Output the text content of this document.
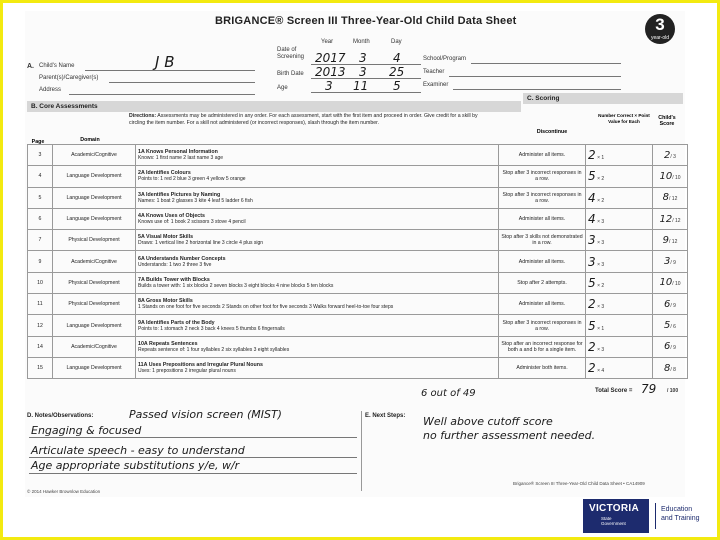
BRIGANCE® Screen III Three-Year-Old Child Data Sheet	3
year-old
A. Child's Name	J B
Parent(s)/Caregiver(s)
Address
Year	Month	Day
Date of Screening 2017 3 4
Birth Date 2013 3 25
Age	3 11 5
School/Program
Teacher
Examiner
B. Core Assessments
C. Scoring
Page	Domain
Directions: Assessments may be administered in any order. For each assessment, start with the first item and proceed in order. Give credit for a skill by circling the item number. For a skill not administered (or incorrect responses), slash through the item number.
Discontinue
Number Correct × Point Value for Each
Child's Score
3	Academic/Cognitive	1A Knows Personal Information
Knows: 1 first name 2 last name 3 age	Administer all items.	2 × 1	2/ 3
4	Language Development	2A Identifies Colours
Points to: 1 red 2 blue 3 green 4 yellow 5 orange	Stop after 3 incorrect responses in a row.	5 × 2	10/ 10
5	Language Development	3A Identifies Pictures by Naming
Names: 1 boat 2 glasses 3 kite 4 leaf 5 ladder 6 fish	Stop after 3 incorrect responses in a row.	4 × 2	8/ 12
6	Language Development	4A Knows Uses of Objects
Knows use of: 1 book 2 scissors 3 stove 4 pencil	Administer all items.	4 × 3	12/ 12
7	Physical Development	5A Visual Motor Skills
Draws: 1 vertical line 2 horizontal line 3 circle 4 plus sign	Stop after 3 skills not demonstrated in a row.	3 × 3	9/ 12
9	Academic/Cognitive	6A Understands Number Concepts
Understands: 1 two 2 three 3 five	Administer all items.	3 × 3	3/ 9
10	Physical Development	7A Builds Tower with Blocks
Builds a tower with: 1 six blocks 2 seven blocks 3 eight blocks 4 nine blocks 5 ten blocks	Stop after 2 attempts.	5 × 2	10/ 10
11	Physical Development	8A Gross Motor Skills
1 Stands on one foot for five seconds 2 Stands on other foot for five seconds 3 Walks forward heel-to-toe four steps	Administer all items.	2 × 3	6/ 9
12	Language Development	9A Identifies Parts of the Body
Points to: 1 stomach 2 neck 3 back 4 knees 5 thumbs 6 fingernails	Stop after 3 incorrect responses in a row.	5 × 1	5/ 6
14	Academic/Cognitive	10A Repeats Sentences
Repeats sentence of: 1 four syllables 2 six syllables 3 eight syllables	Stop after an incorrect response for both a and b for a single item.	2 × 3	6/ 9
15	Language Development	11A Uses Prepositions and Irregular Plural Nouns
Uses: 1 prepositions 2 irregular plural nouns	Administer both items.	2 × 4	8/ 8
Total Score = 79 / 100
6 out of 49
D. Notes/Observations:	Passed vision screen (MIST)
Engaging & focused
Articulate speech - easy to understand
Age appropriate substitutions y/e, w/r
E. Next Steps: Well above cutoff score
no further assessment needed.
© 2014 Hawker Brownlow Education
Brigance® Screen III Three-Year-Old Child Data Sheet • CA14909
VICTORIA
State
Government
Education
and Training
